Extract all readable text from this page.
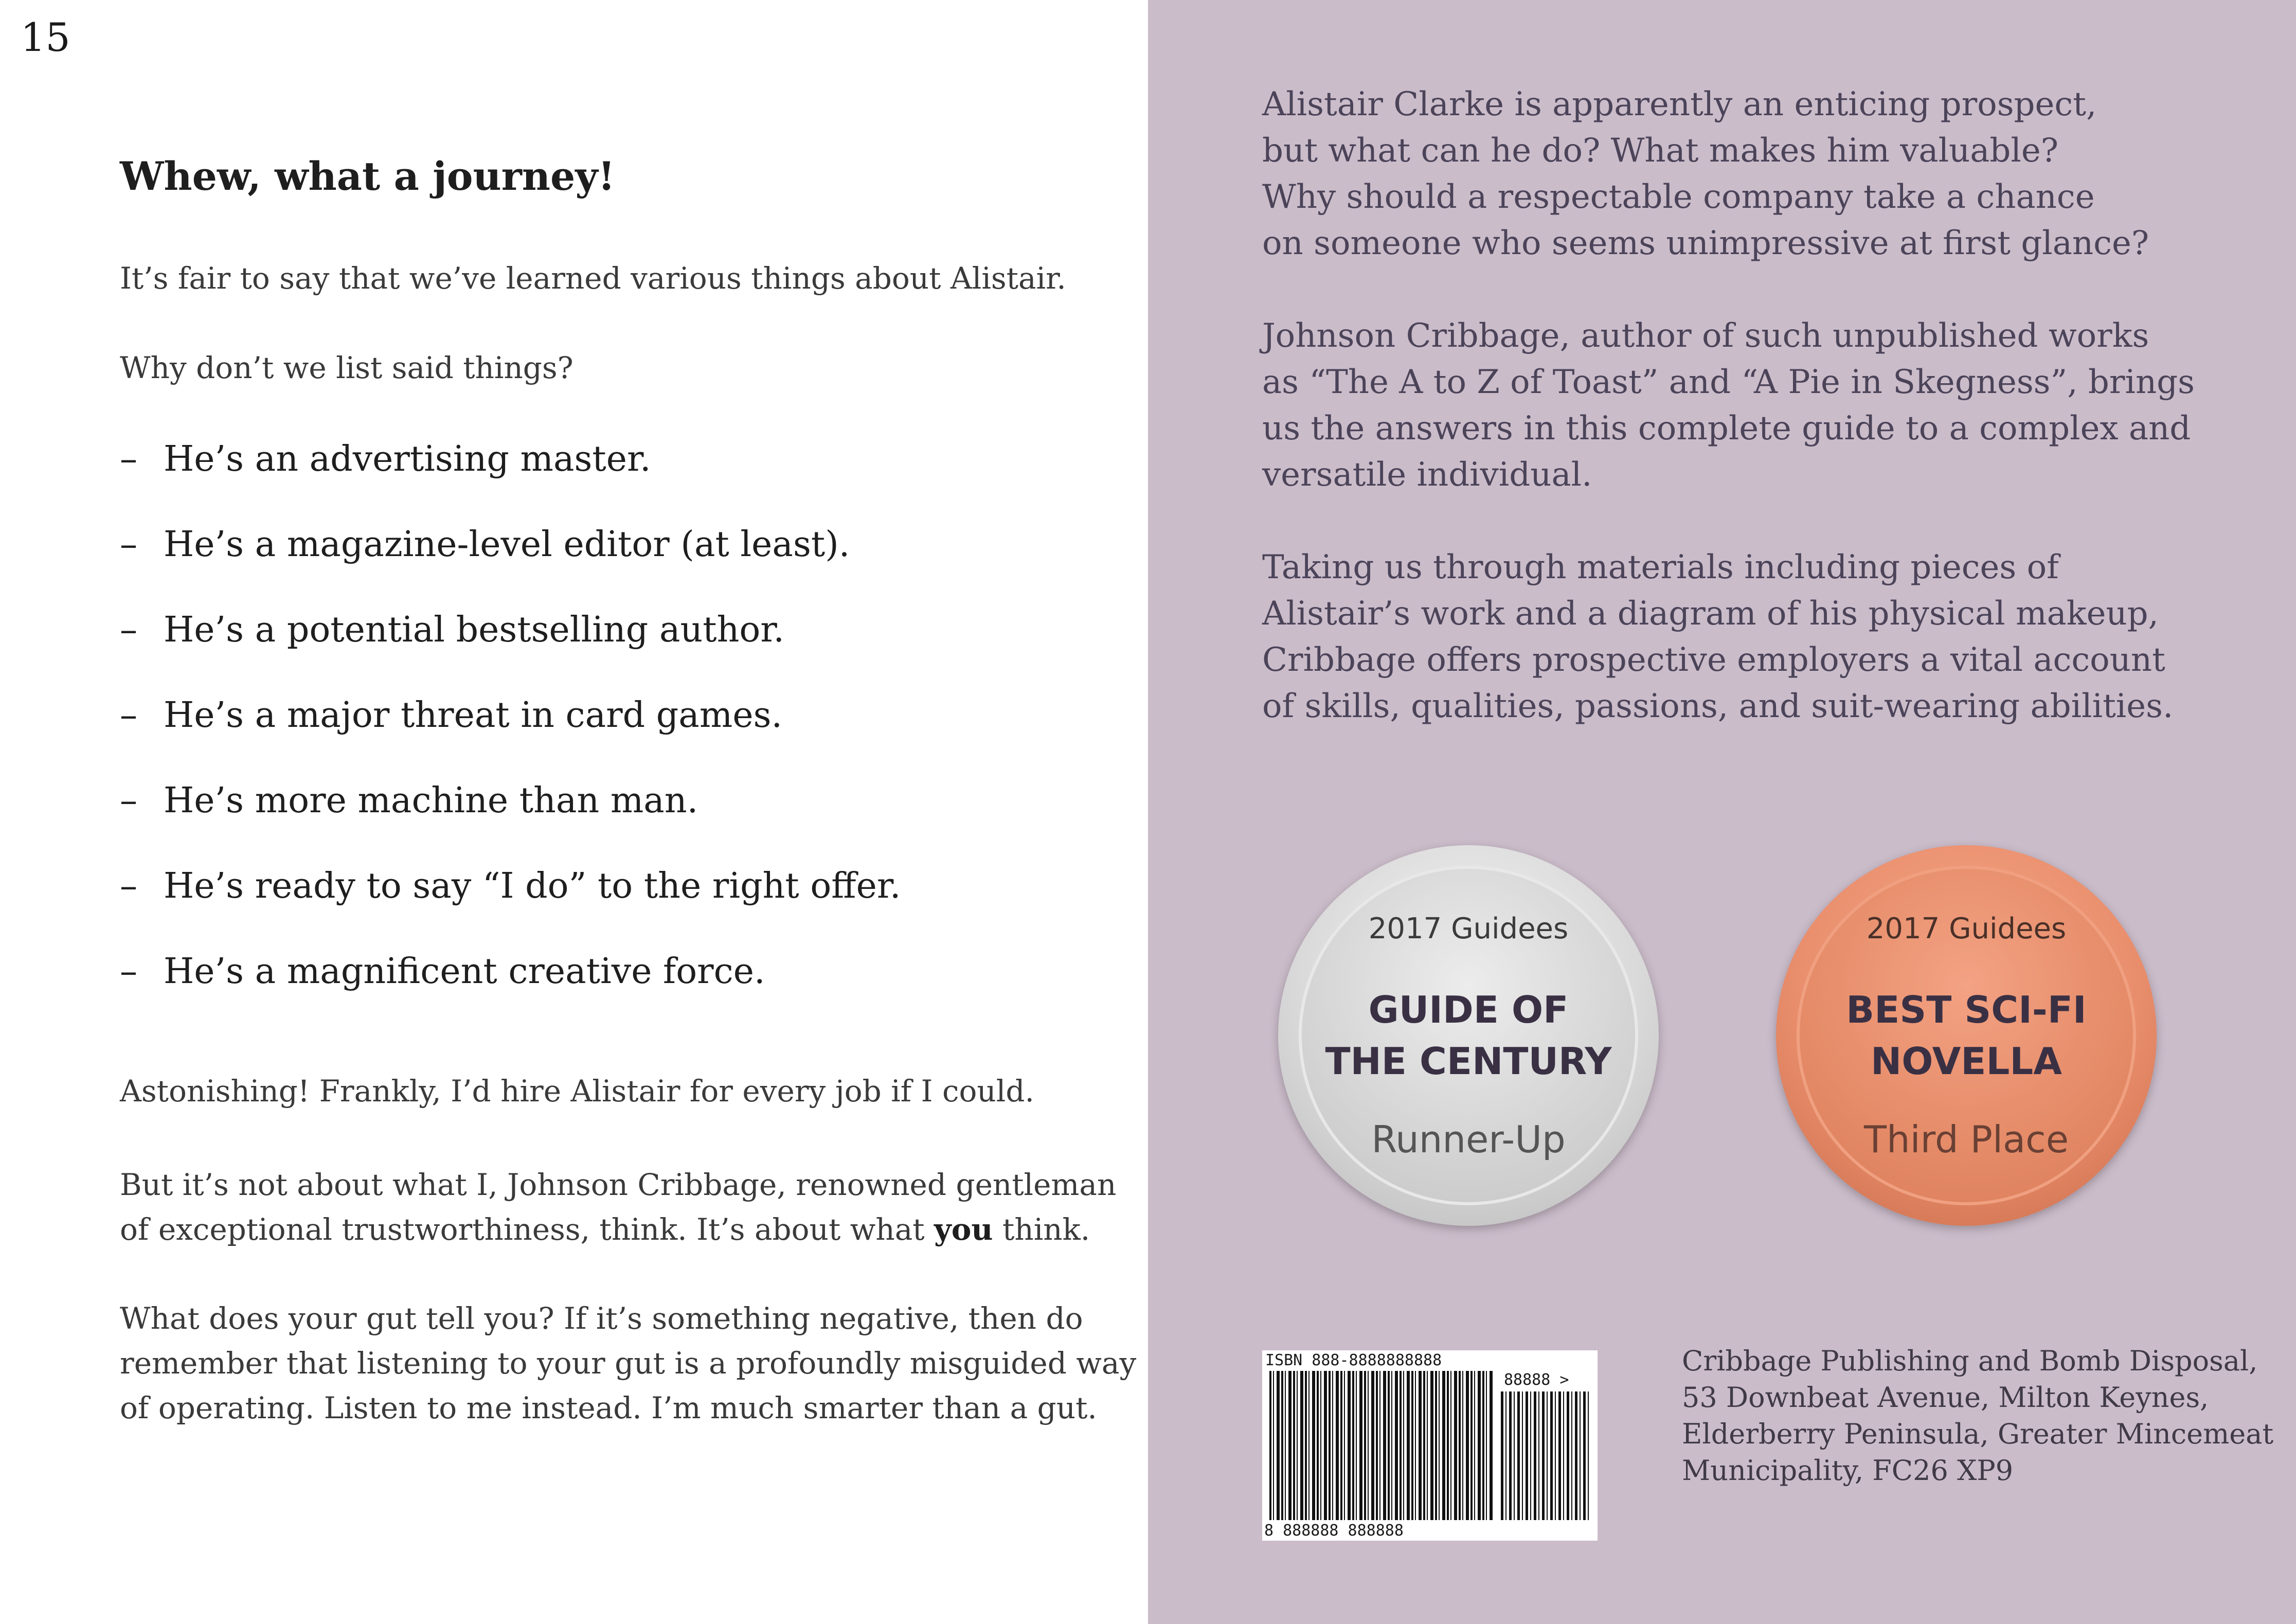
15
Whew, what a journey!

It’s fair to say that we’ve learned various things about Alistair.

Why don’t we list said things?

– He’s an advertising master.
– He’s a magazine-level editor (at least).
– He’s a potential bestselling author.
– He’s a major threat in card games.
– He’s more machine than man.
– He’s ready to say “I do” to the right offer.
– He’s a magnificent creative force.

Astonishing! Frankly, I’d hire Alistair for every job if I could.

But it’s not about what I, Johnson Cribbage, renowned gentleman
of exceptional trustworthiness, think. It’s about what you think.
What does your gut tell you? If it’s something negative, then do
remember that listening to your gut is a profoundly misguided way
of operating. Listen to me instead. I’m much smarter than a gut.
Alistair Clarke is apparently an enticing prospect,
but what can he do? What makes him valuable?
Why should a respectable company take a chance
on someone who seems unimpressive at first glance?
Johnson Cribbage, author of such unpublished works
as “The A to Z of Toast” and “A Pie in Skegness”, brings
us the answers in this complete guide to a complex and
versatile individual.
Taking us through materials including pieces of
Alistair’s work and a diagram of his physical makeup,
Cribbage offers prospective employers a vital account
of skills, qualities, passions, and suit-wearing abilities.
2017 Guidees
GUIDE OF
THE CENTURY
Runner-Up
2017 Guidees
BEST SCI-FI
NOVELLA
Third Place
ISBN 888-8888888888
88888 >
8 888888 888888
Cribbage Publishing and Bomb Disposal,
53 Downbeat Avenue, Milton Keynes,
Elderberry Peninsula, Greater Mincemeat
Municipality, FC26 XP9
